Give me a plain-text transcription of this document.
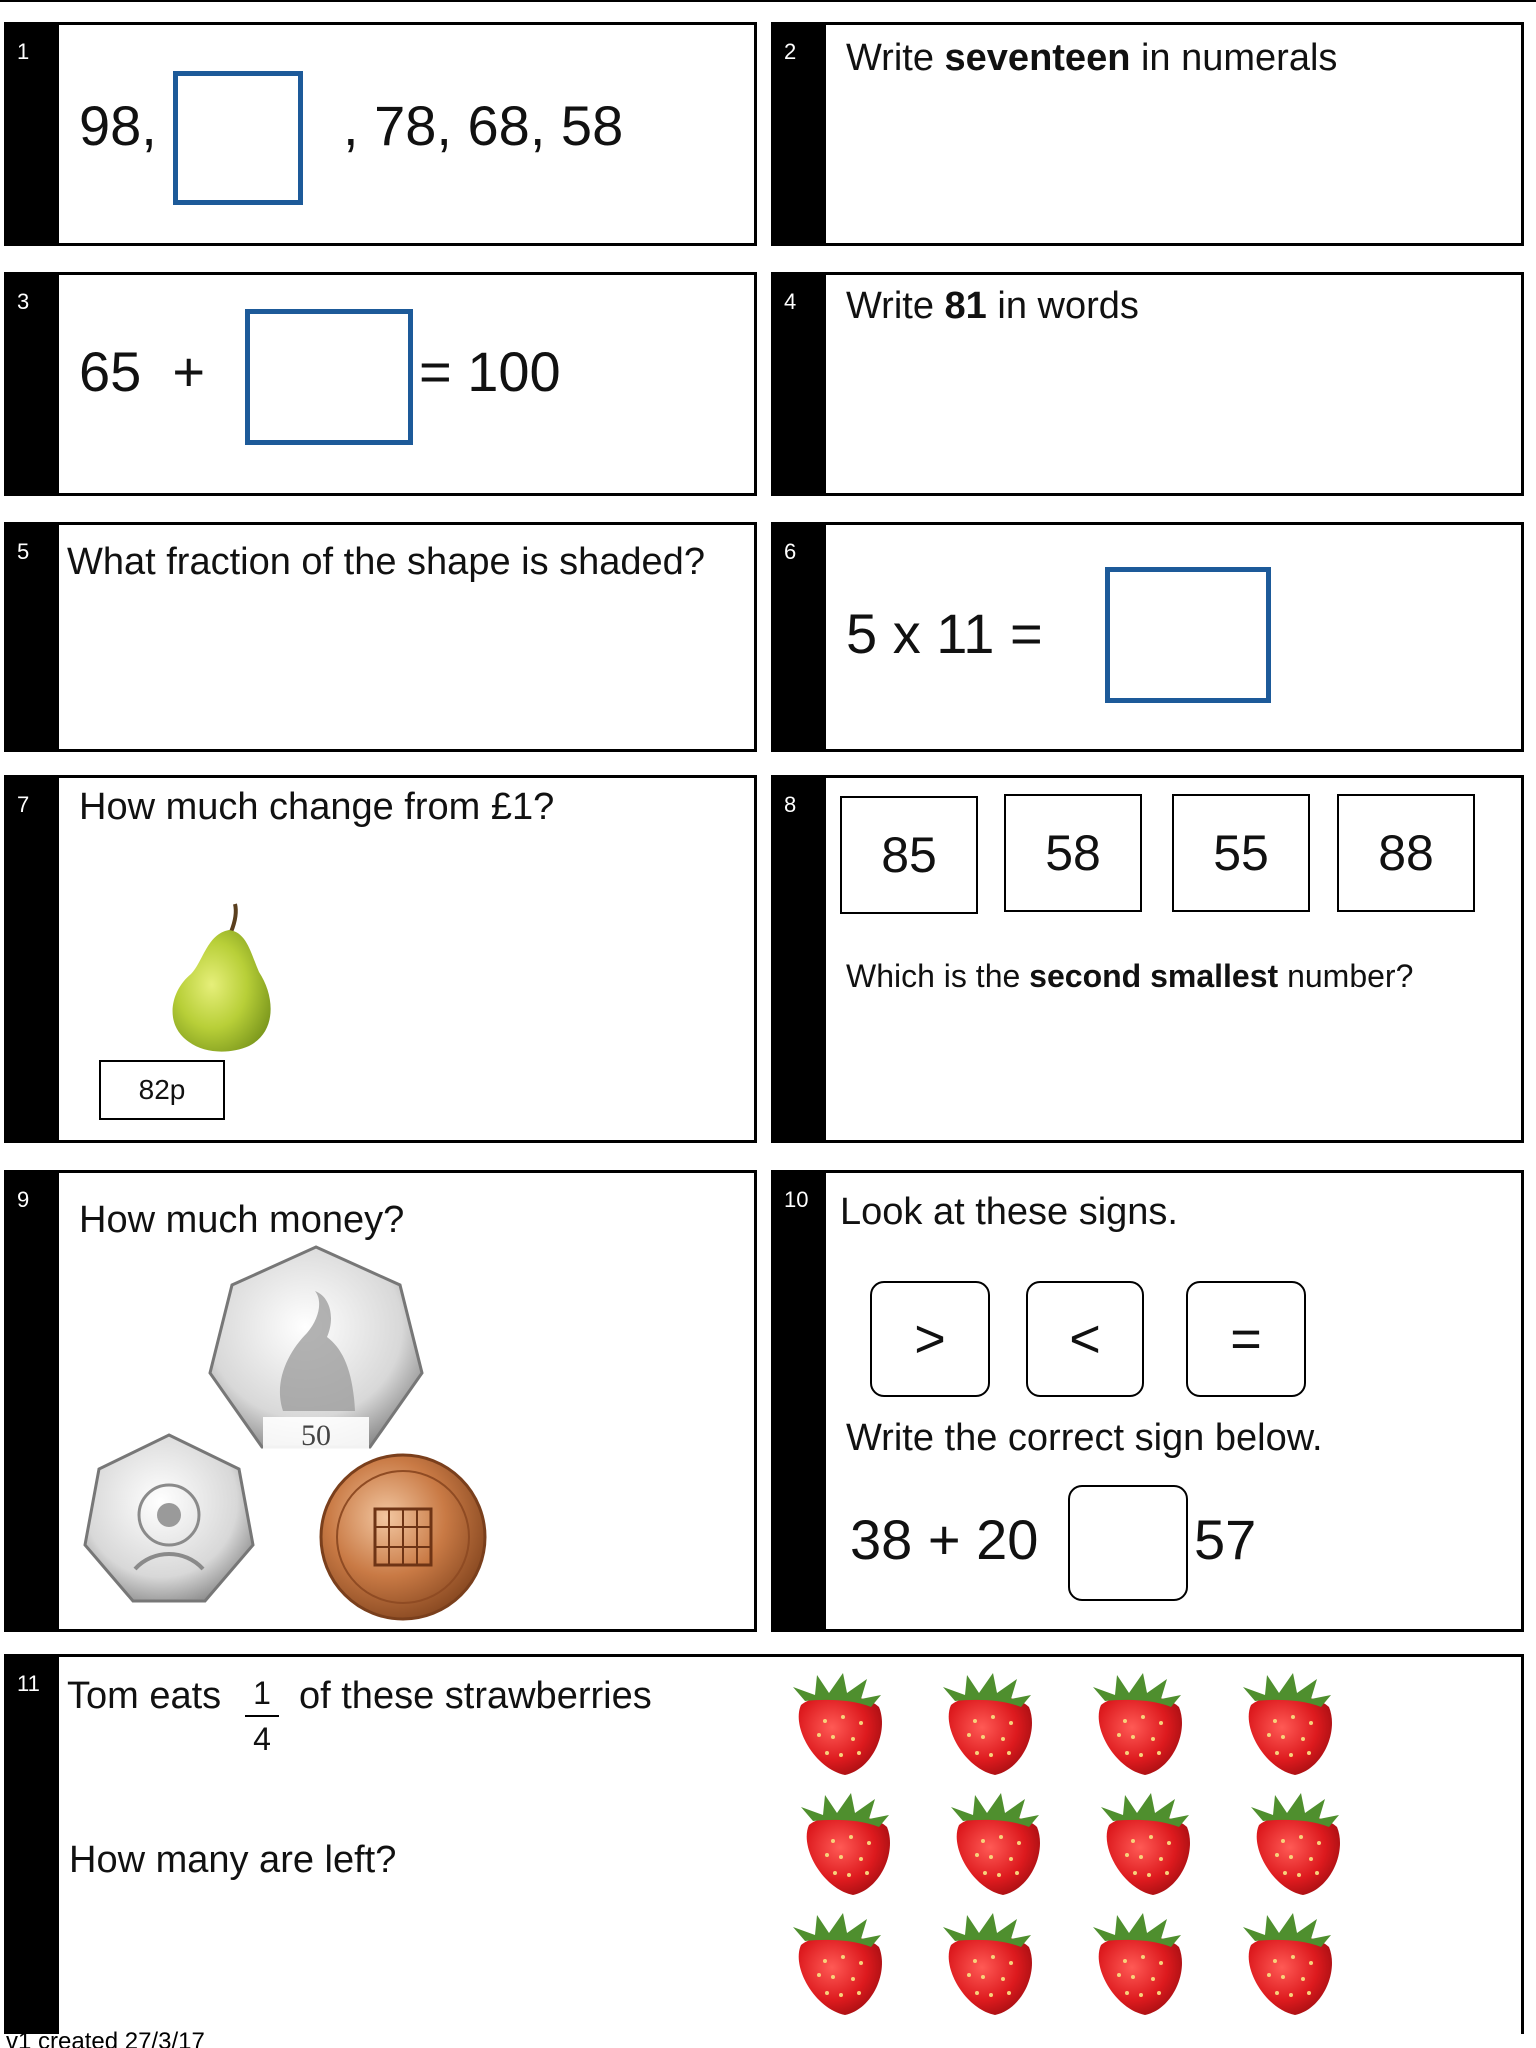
1
98,	, 78, 68, 58
2 Write seventeen in numerals
3
65  +	= 100
4 Write 81 in words
5 What fraction of the shape is shaded?	6
5 x 11 =
7 How much change from £1?
82p
8
85 58 55 88
Which is the second smallest number?
9 How much money?
50
10 Look at these signs.
> < =
Write the correct sign below.
38 + 20	57
11 Tom eats 1
4
of these strawberries
How many are left?
v1 created 27/3/17
